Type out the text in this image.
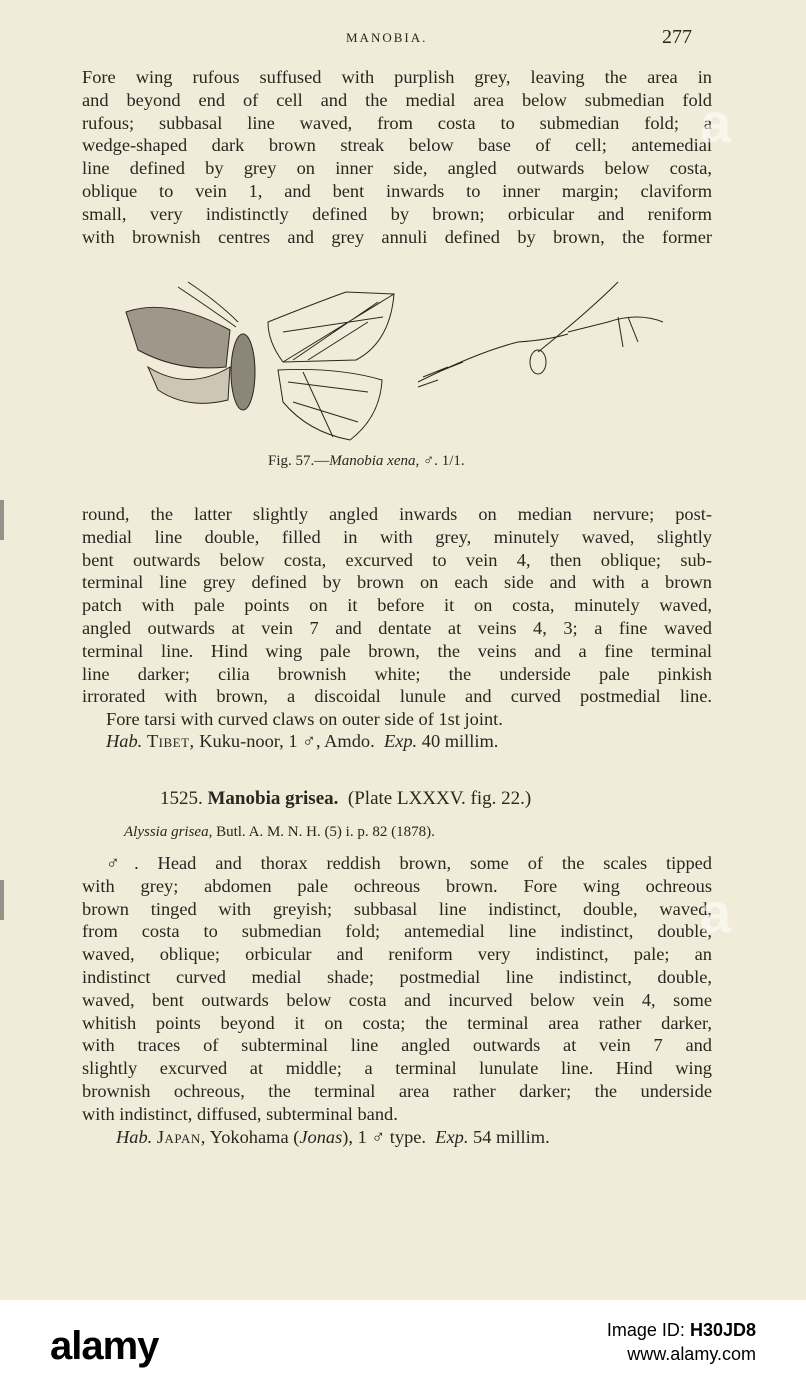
MANOBIA.	277
Fore wing rufous suffused with purplish grey, leaving the area in
and beyond end of cell and the medial area below submedian fold
rufous; subbasal line waved, from costa to submedian fold; a
wedge-shaped dark brown streak below base of cell; antemedial
line defined by grey on inner side, angled outwards below costa,
oblique to vein 1, and bent inwards to inner margin; claviform
small, very indistinctly defined by brown; orbicular and reniform
with brownish centres and grey annuli defined by brown, the former
Fig. 57.—Manobia xena, ♂. 1/1.
round, the latter slightly angled inwards on median nervure; post-
medial line double, filled in with grey, minutely waved, slightly
bent outwards below costa, excurved to vein 4, then oblique; sub-
terminal line grey defined by brown on each side and with a brown
patch with pale points on it before it on costa, minutely waved,
angled outwards at vein 7 and dentate at veins 4, 3; a fine waved
terminal line. Hind wing pale brown, the veins and a fine terminal
line darker; cilia brownish white; the underside pale pinkish
irrorated with brown, a discoidal lunule and curved postmedial line.
Fore tarsi with curved claws on outer side of 1st joint.
Hab. Tibet, Kuku-noor, 1 ♂, Amdo. Exp. 40 millim.
1525. Manobia grisea. (Plate LXXXV. fig. 22.)
Alyssia grisea, Butl. A. M. N. H. (5) i. p. 82 (1878).
♂. Head and thorax reddish brown, some of the scales tipped
with grey; abdomen pale ochreous brown. Fore wing ochreous
brown tinged with greyish; subbasal line indistinct, double, waved,
from costa to submedian fold; antemedial line indistinct, double,
waved, oblique; orbicular and reniform very indistinct, pale; an
indistinct curved medial shade; postmedial line indistinct, double,
waved, bent outwards below costa and incurved below vein 4, some
whitish points beyond it on costa; the terminal area rather darker,
with traces of subterminal line angled outwards at vein 7 and
slightly excurved at middle; a terminal lunulate line. Hind wing
brownish ochreous, the terminal area rather darker; the underside
with indistinct, diffused, subterminal band.
Hab. Japan, Yokohama (Jonas), 1 ♂ type. Exp. 54 millim.
a
a
alamy	Image ID: H30JD8
www.alamy.com
